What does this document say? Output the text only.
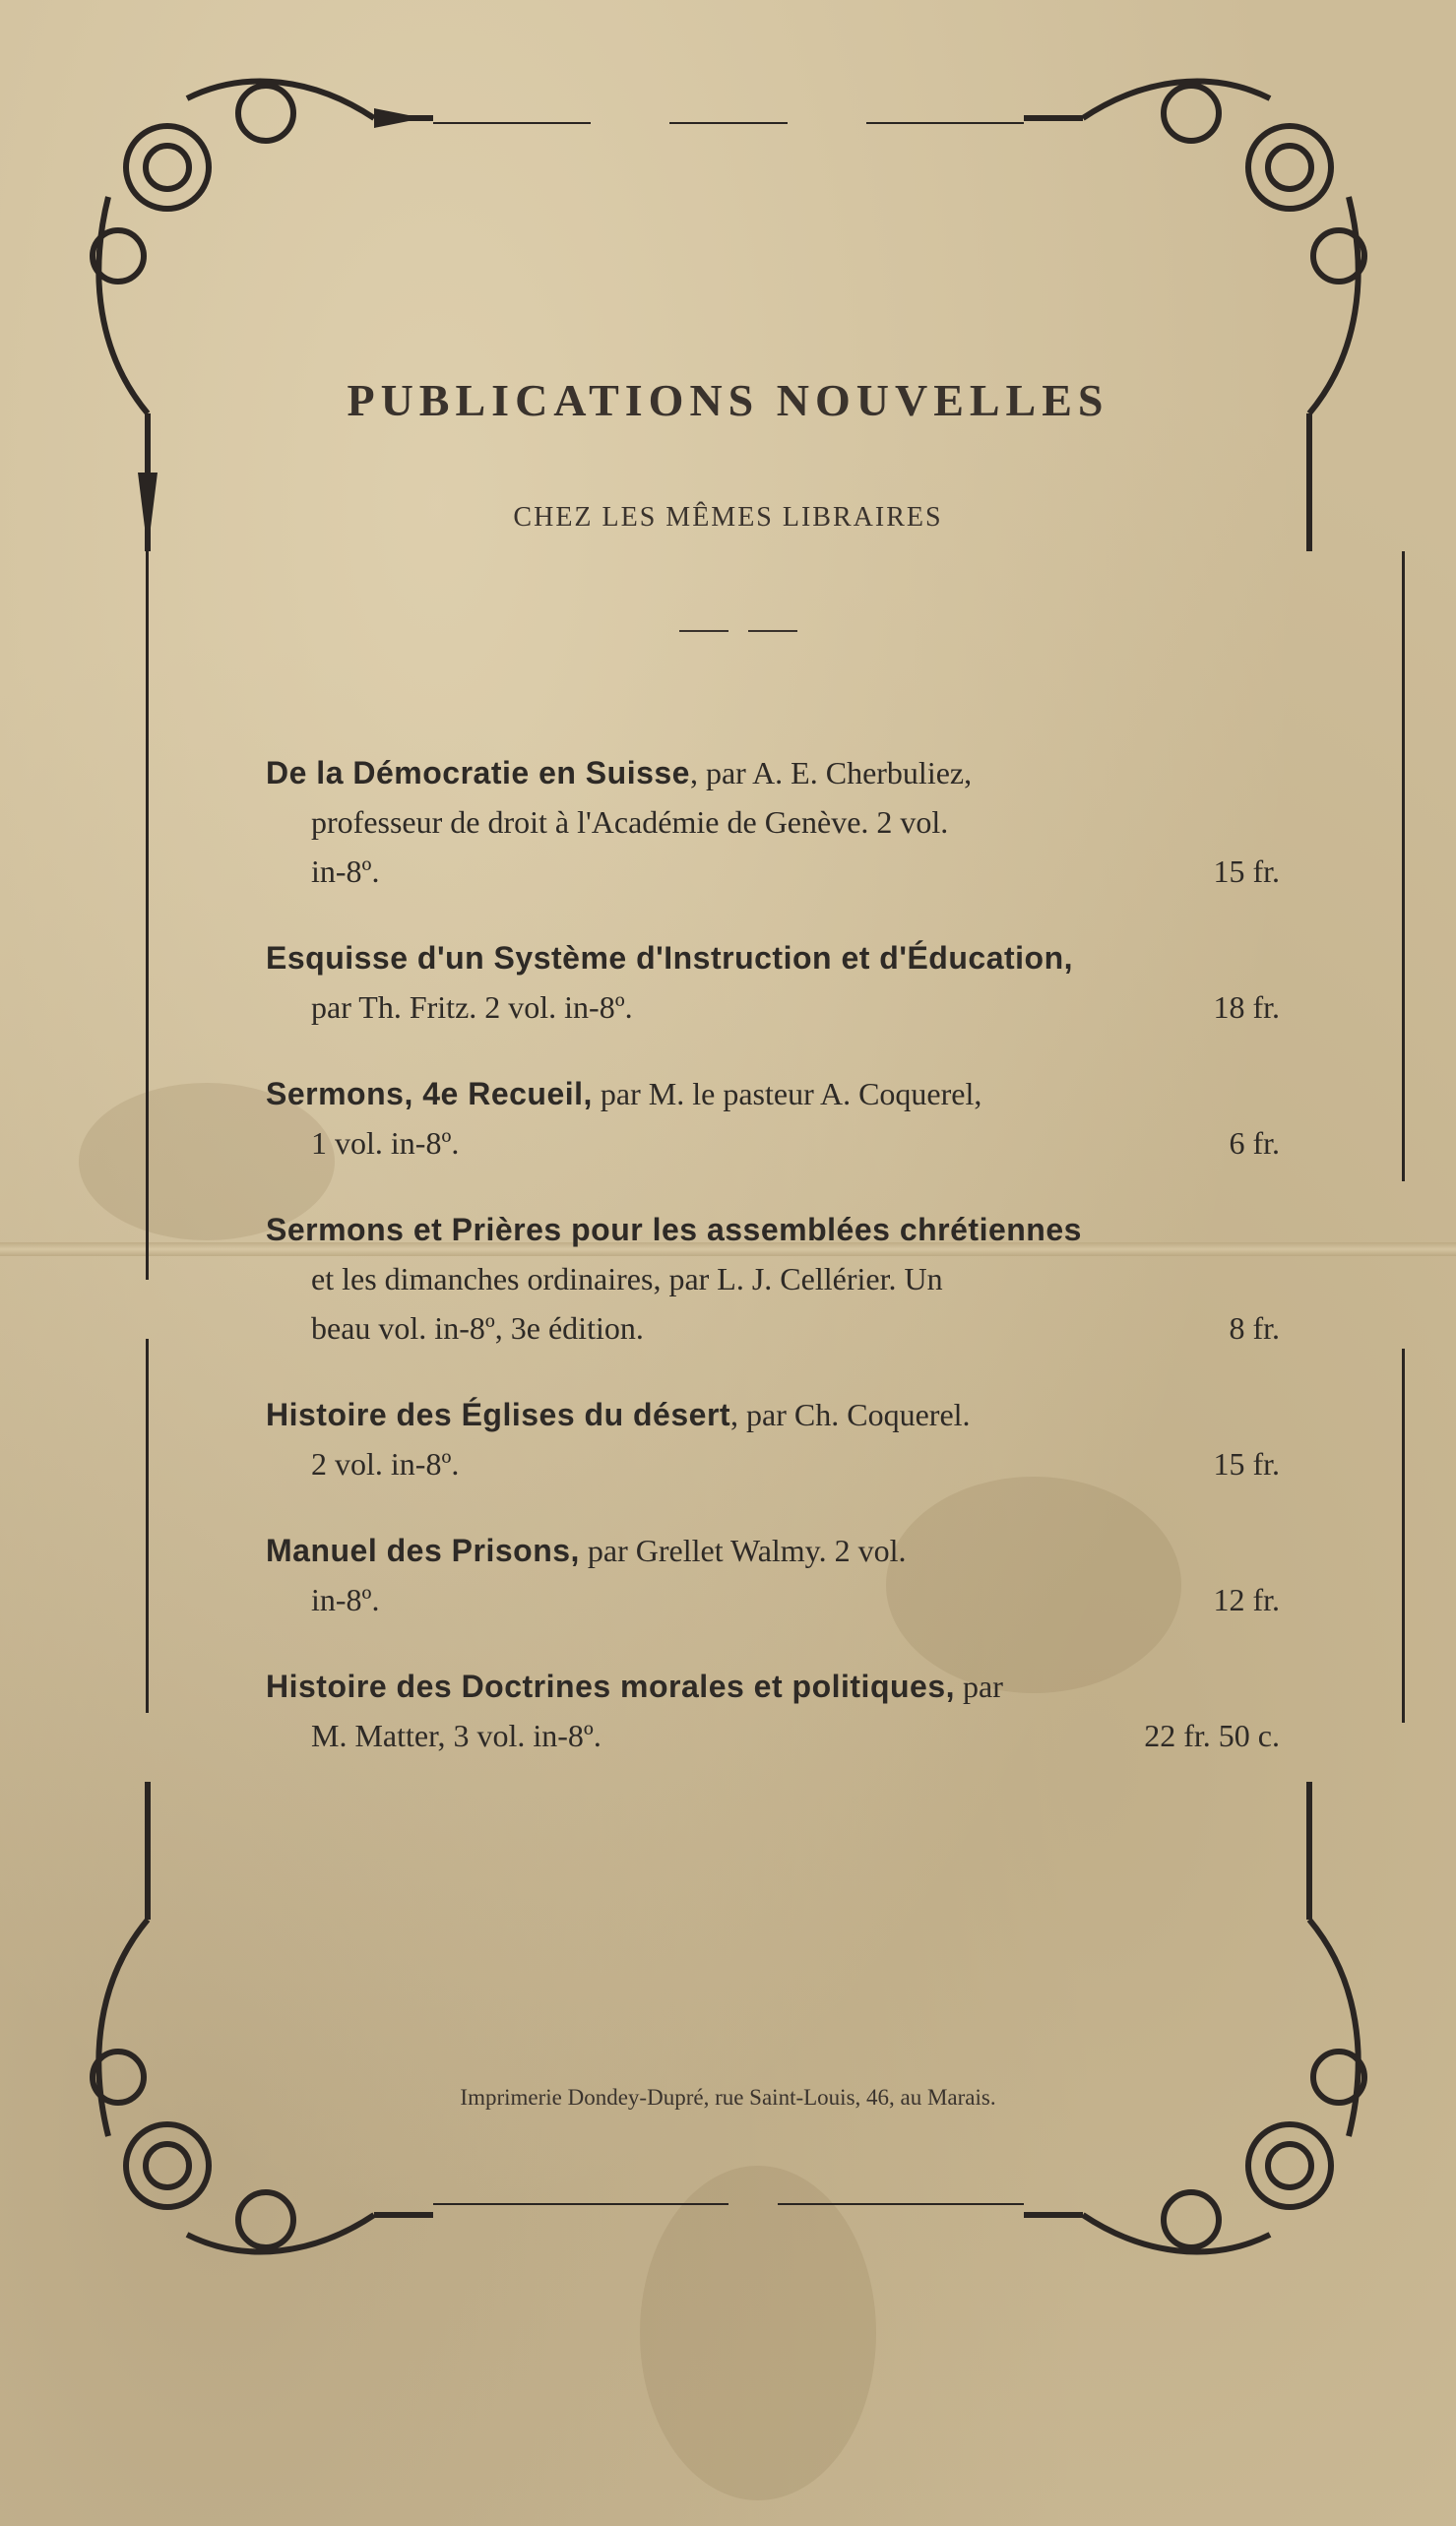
PUBLICATIONS NOUVELLES
CHEZ LES MÊMES LIBRAIRES
De la Démocratie en Suisse, par A. E. Cherbuliez,
professeur de droit à l'Académie de Genève. 2 vol.
in-8º.	15 fr.
Esquisse d'un Système d'Instruction et d'Éducation,
par Th. Fritz. 2 vol. in-8º.	18 fr.
Sermons, 4e Recueil, par M. le pasteur A. Coquerel,
1 vol. in-8º.	6 fr.
Sermons et Prières pour les assemblées chrétiennes
et les dimanches ordinaires, par L. J. Cellérier. Un
beau vol. in-8º, 3e édition.	8 fr.
Histoire des Églises du désert, par Ch. Coquerel.
2 vol. in-8º.	15 fr.
Manuel des Prisons, par Grellet Walmy. 2 vol.
in-8º.	12 fr.
Histoire des Doctrines morales et politiques, par
M. Matter, 3 vol. in-8º.	22 fr. 50 c.
Imprimerie Dondey-Dupré, rue Saint-Louis, 46, au Marais.
